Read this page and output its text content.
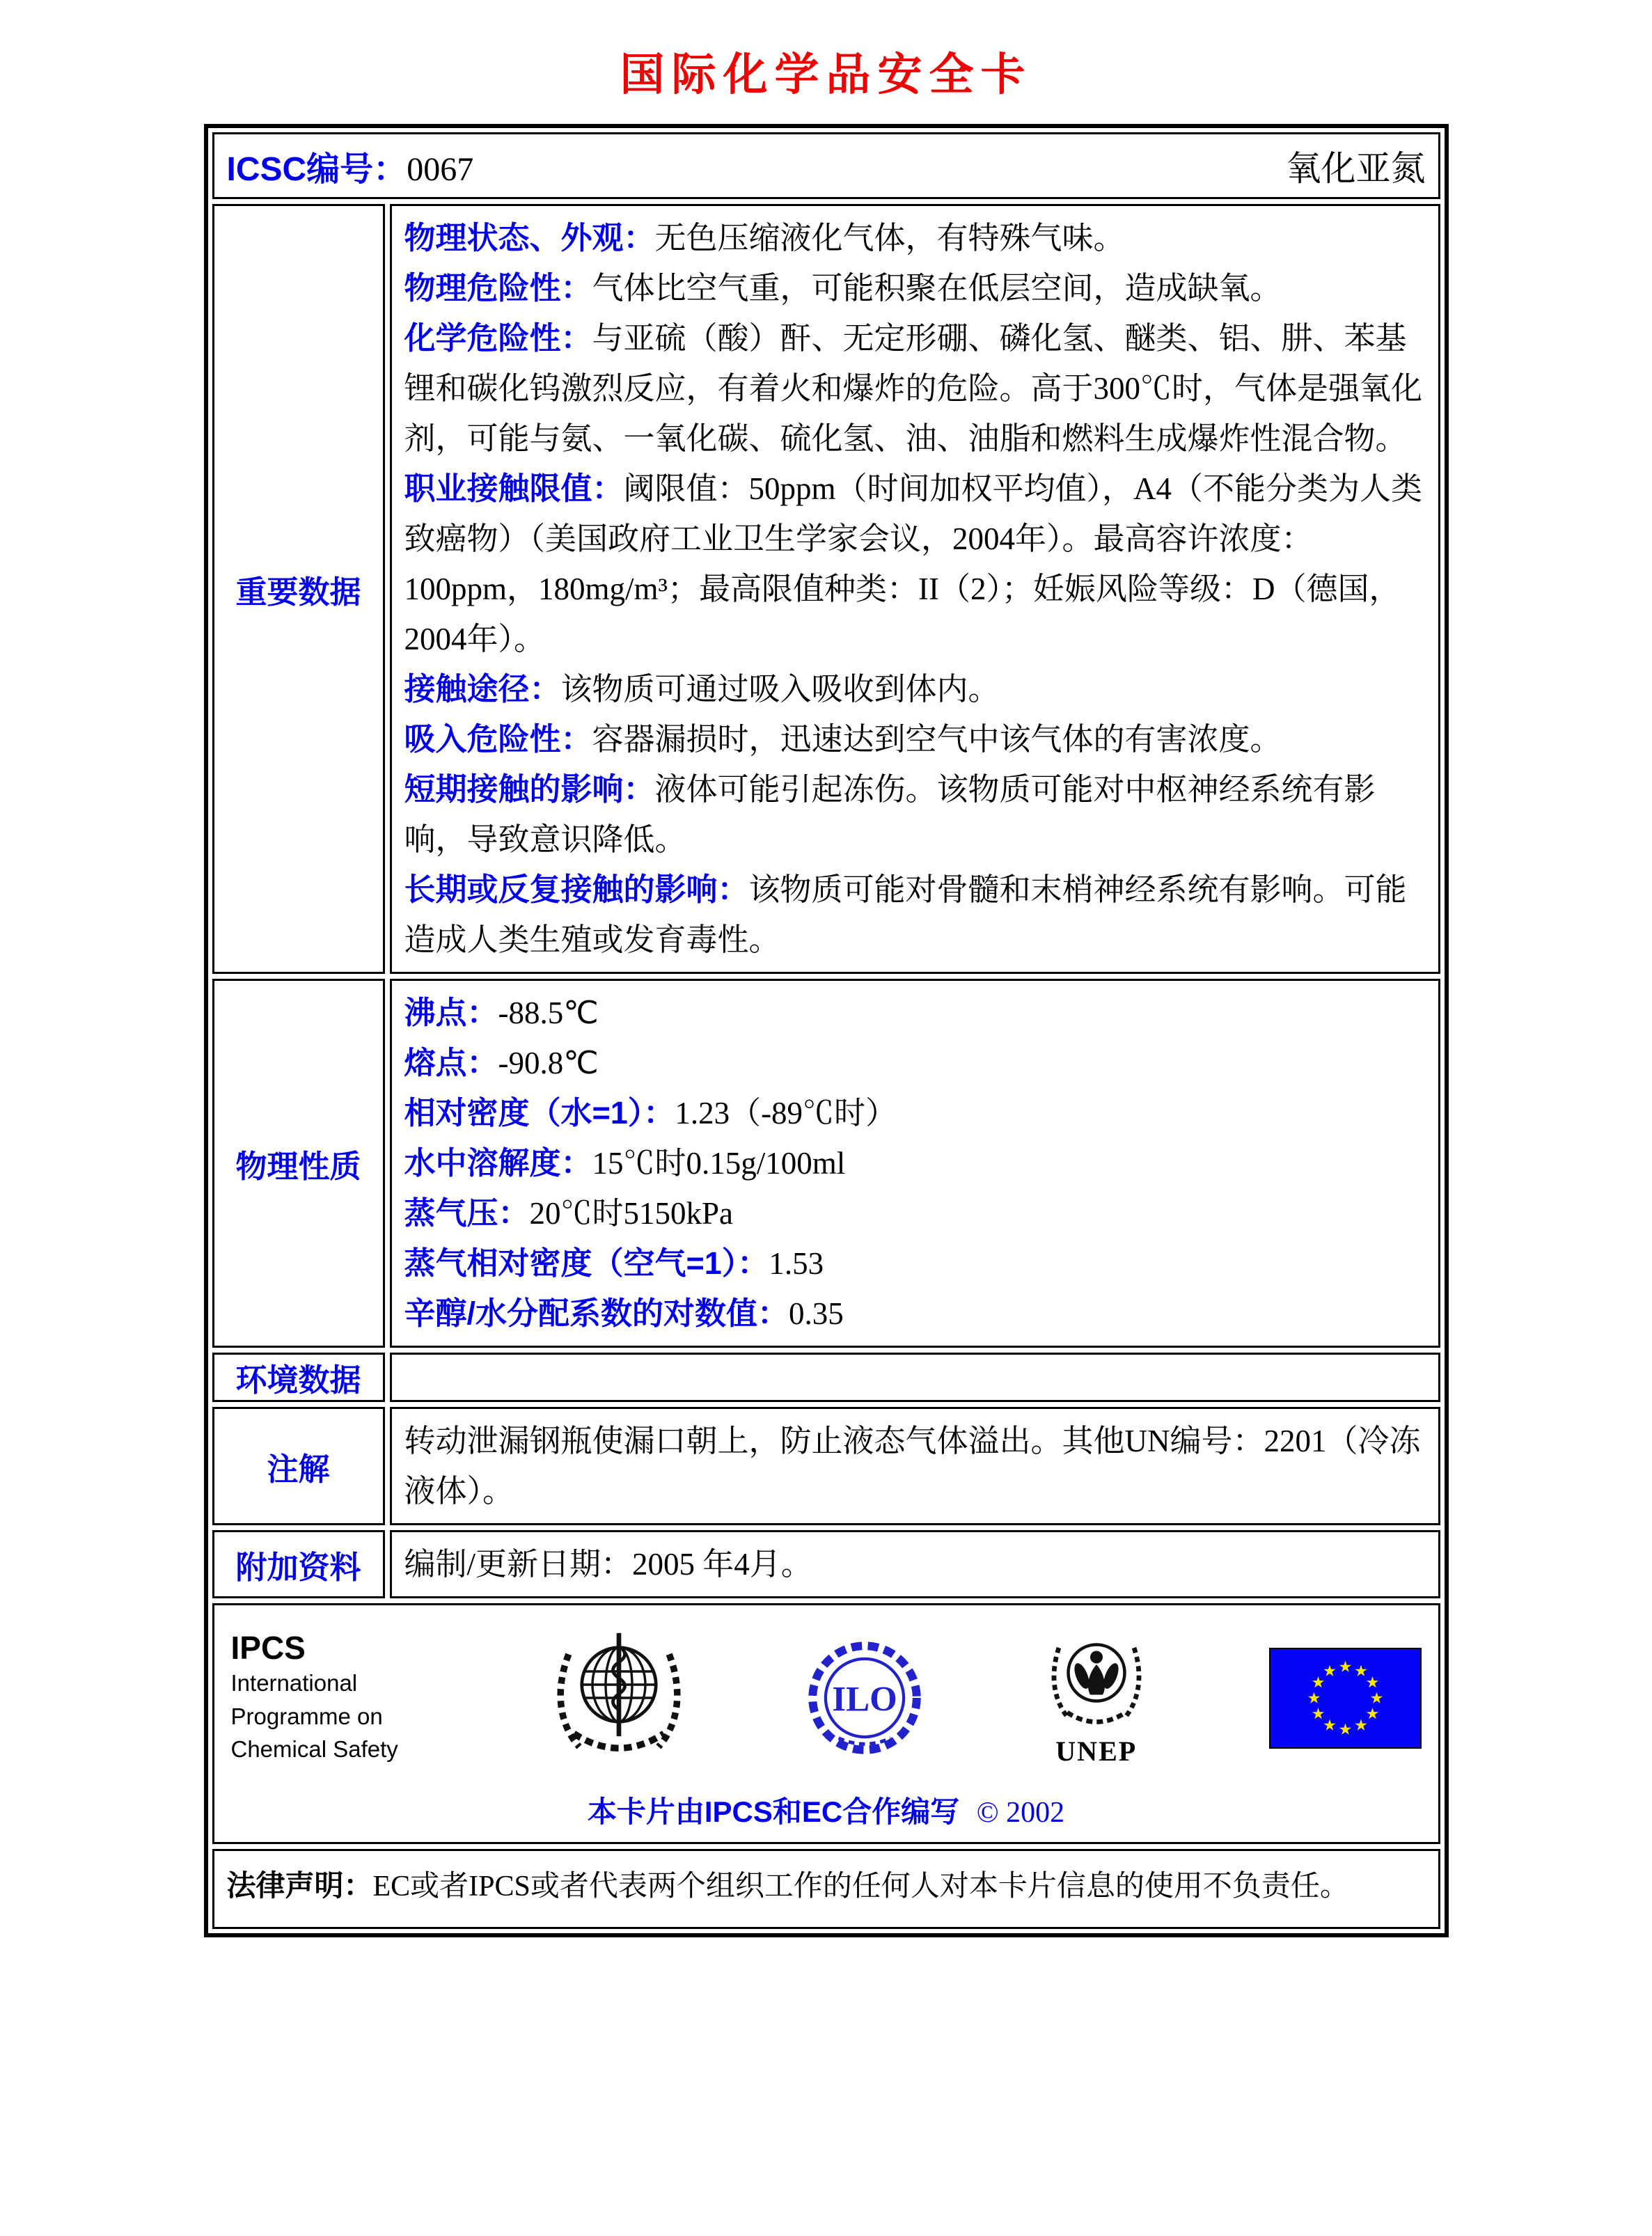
国际化学品安全卡
ICSC编号：0067	氧化亚氮
重要数据

物理状态、外观：无色压缩液化气体，有特殊气味。

物理危险性：气体比空气重，可能积聚在低层空间，造成缺氧。

化学危险性：与亚硫（酸）酐、无定形硼、磷化氢、醚类、铝、肼、苯基锂和碳化钨激烈反应，有着火和爆炸的危险。高于300℃时，气体是强氧化剂，可能与氨、一氧化碳、硫化氢、油、油脂和燃料生成爆炸性混合物。

职业接触限值：阈限值：50ppm（时间加权平均值），A4（不能分类为人类致癌物）（美国政府工业卫生学家会议，2004年）。最高容许浓度：100ppm，180mg/m³；最高限值种类：II（2）；妊娠风险等级：D（德国，2004年）。

接触途径：该物质可通过吸入吸收到体内。

吸入危险性：容器漏损时，迅速达到空气中该气体的有害浓度。

短期接触的影响：液体可能引起冻伤。该物质可能对中枢神经系统有影响，导致意识降低。

长期或反复接触的影响：该物质可能对骨髓和末梢神经系统有影响。可能造成人类生殖或发育毒性。

物理性质

沸点：-88.5℃

熔点：-90.8℃

相对密度（水=1）：1.23（-89℃时）

水中溶解度：15℃时0.15g/100ml

蒸气压：20℃时5150kPa

蒸气相对密度（空气=1）：1.53

辛醇/水分配系数的对数值：0.35

环境数据
注解
转动泄漏钢瓶使漏口朝上，防止液态气体溢出。其他UN编号：2201（冷冻液体）。
附加资料	编制/更新日期：2005 年4月。
IPCS
International
Programme on
Chemical Safety
ILO
UNEP
本卡片由IPCS和EC合作编写 © 2002
法律声明：EC或者IPCS或者代表两个组织工作的任何人对本卡片信息的使用不负责任。
